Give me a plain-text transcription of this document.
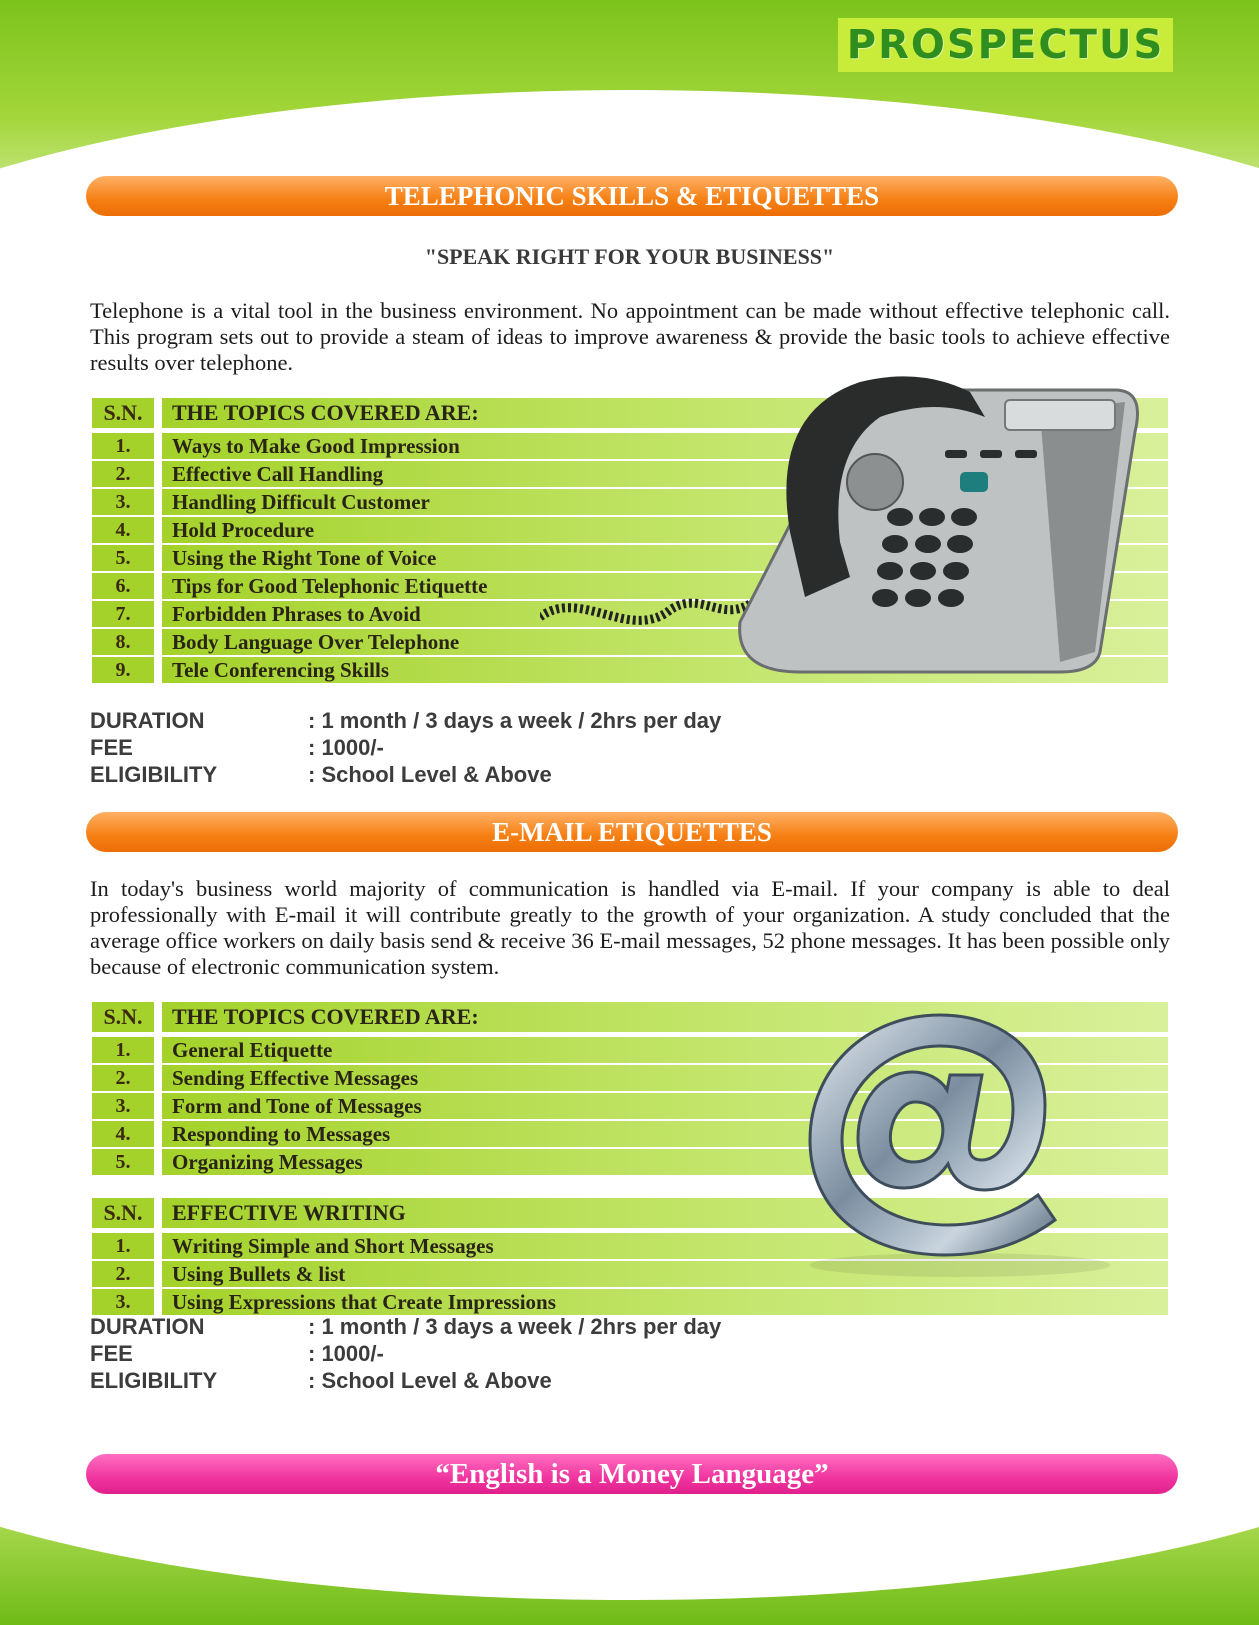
PROSPECTUS
TELEPHONIC SKILLS & ETIQUETTES
"SPEAK RIGHT FOR YOUR BUSINESS"
Telephone is a vital tool in the business environment. No appointment can be made without effective telephonic call. This program sets out to provide a steam of ideas to improve awareness & provide the basic tools to achieve effective results over telephone.
S.N.	THE TOPICS COVERED ARE:
1.	Ways to Make Good Impression
2.	Effective Call Handling
3.	Handling Difficult Customer
4.	Hold Procedure
5.	Using the Right Tone of Voice
6.	Tips for Good Telephonic Etiquette
7.	Forbidden Phrases to Avoid
8.	Body Language Over Telephone
9.	Tele Conferencing Skills
DURATION	: 1 month / 3 days a week / 2hrs per day
FEE	: 1000/-
ELIGIBILITY	: School Level & Above
E-MAIL ETIQUETTES
In today's business world majority of communication is handled via E-mail. If your company is able to deal professionally with E-mail it will contribute greatly to the growth of your organization. A study concluded that the average office workers on daily basis send & receive 36 E-mail messages, 52 phone messages. It has been possible only because of electronic communication system.
S.N.	THE TOPICS COVERED ARE:
1.	General Etiquette
2.	Sending Effective Messages
3.	Form and Tone of Messages
4.	Responding to Messages
5.	Organizing Messages
S.N.	EFFECTIVE WRITING
1.	Writing Simple and Short Messages
2.	Using Bullets & list
3.	Using Expressions that Create Impressions
DURATION	: 1 month / 3 days a week / 2hrs per day
FEE	: 1000/-
ELIGIBILITY	: School Level & Above
“English is a Money Language”
